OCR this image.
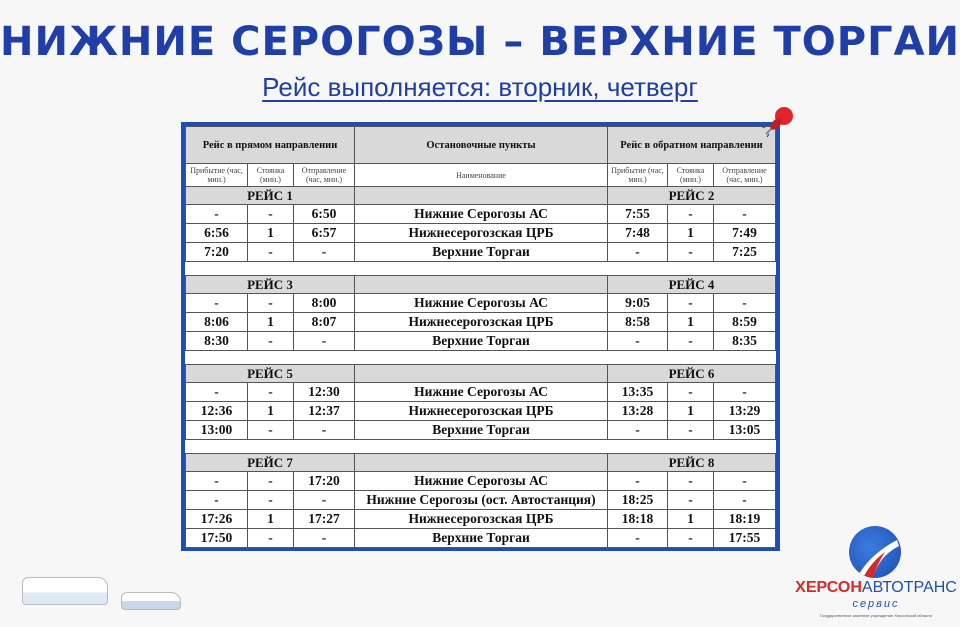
НИЖНИЕ СЕРОГОЗЫ – ВЕРХНИЕ ТОРГАИ
Рейс выполняется: вторник, четверг
Рейс в прямом направлении			Остановочные пункты	Рейс в обратном направлении		
Прибытие (час, мин.)	Стоянка (мин.)	Отправление (час, мин.)	Наименование	Прибытие (час, мин.)	Стоянка (мин.)	Отправление (час, мин.)
РЕЙС 1				РЕЙС 2		
-	-	6:50	Нижние Серогозы АС	7:55	-	-
6:56	1	6:57	Нижнесерогозская ЦРБ	7:48	1	7:49
7:20	-	-	Верхние Торгаи	-	-	7:25

РЕЙС 3				РЕЙС 4		
-	-	8:00	Нижние Серогозы АС	9:05	-	-
8:06	1	8:07	Нижнесерогозская ЦРБ	8:58	1	8:59
8:30	-	-	Верхние Торгаи	-	-	8:35

РЕЙС 5				РЕЙС 6		
-	-	12:30	Нижние Серогозы АС	13:35	-	-
12:36	1	12:37	Нижнесерогозская ЦРБ	13:28	1	13:29
13:00	-	-	Верхние Торгаи	-	-	13:05

РЕЙС 7				РЕЙС 8		
-	-	17:20	Нижние Серогозы АС	-	-	-
-	-	-	Нижние Серогозы (ост. Автостанция)	18:25	-	-
17:26	1	17:27	Нижнесерогозская ЦРБ	18:18	1	18:19
17:50	-	-	Верхние Торгаи	-	-	17:55
ХЕРСОНАВТОТРАНС
сервис
Государственное казенное учреждение Херсонской области
